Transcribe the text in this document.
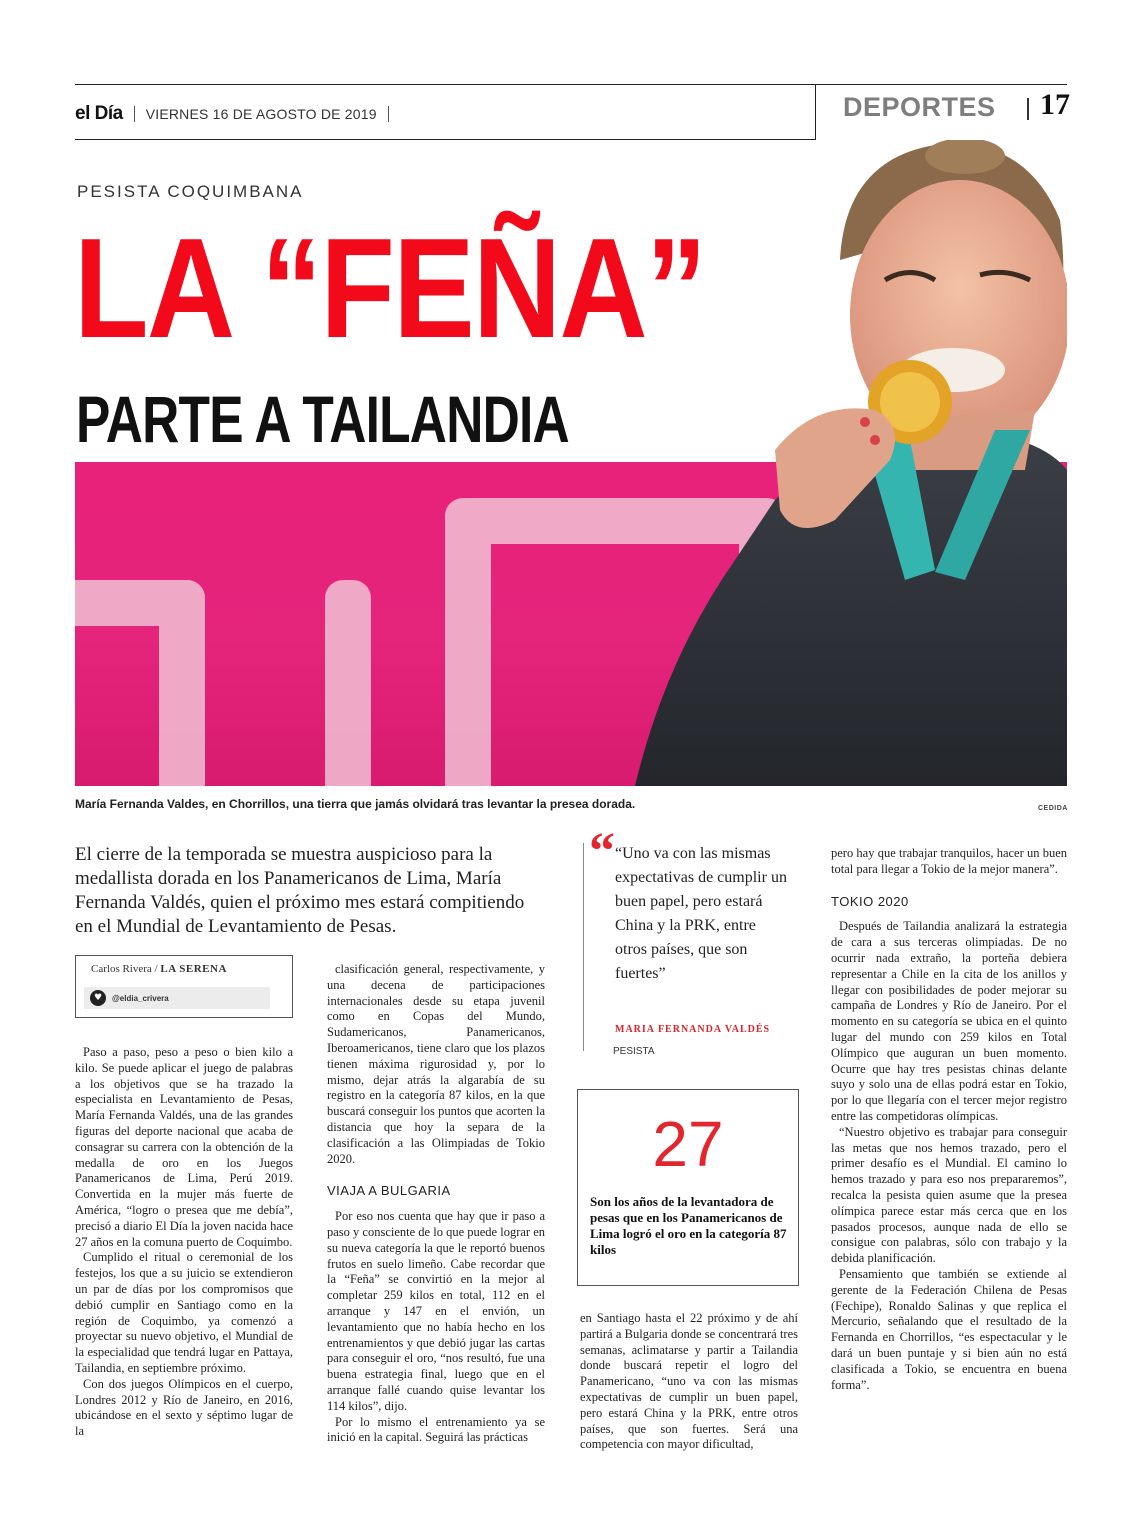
el Día VIERNES 16 DE AGOSTO DE 2019	DEPORTES 17
PESISTA COQUIMBANA
LA “FEÑA”
PARTE A TAILANDIA
María Fernanda Valdes, en Chorrillos, una tierra que jamás olvidará tras levantar la presea dorada.	CEDIDA
El cierre de la temporada se muestra auspicioso para la medallista dorada en los Panamericanos de Lima, María Fernanda Valdés, quien el próximo mes estará compitiendo en el Mundial de Levantamiento de Pesas.
Carlos Rivera / LA SERENA
♥	@eldia_crivera

Paso a paso, peso a peso o bien kilo a kilo. Se puede aplicar el juego de palabras a los objetivos que se ha trazado la especialista en Levantamiento de Pesas, María Fernanda Valdés, una de las grandes figuras del deporte nacional que acaba de consagrar su carrera con la obtención de la medalla de oro en los Juegos Panamericanos de Lima, Perú 2019. Convertida en la mujer más fuerte de América, “logro o presea que me debía”, precisó a diario El Día la joven nacida hace 27 años en la comuna puerto de Coquimbo.

Cumplido el ritual o ceremonial de los festejos, los que a su juicio se extendieron un par de días por los compromisos que debió cumplir en Santiago como en la región de Coquimbo, ya comenzó a proyectar su nuevo objetivo, el Mundial de la especialidad que tendrá lugar en Pattaya, Tailandia, en septiembre próximo.

Con dos juegos Olímpicos en el cuerpo, Londres 2012 y Río de Janeiro, en 2016, ubicándose en el sexto y séptimo lugar de la

clasificación general, respectivamente, y una decena de participaciones internacionales desde su etapa juvenil como en Copas del Mundo, Sudamericanos, Panamericanos, Iberoamericanos, tiene claro que los plazos tienen máxima rigurosidad y, por lo mismo, dejar atrás la algarabía de su registro en la categoría 87 kilos, en la que buscará conseguir los puntos que acorten la distancia que hoy la separa de la clasificación a las Olimpiadas de Tokio 2020.

VIAJA A BULGARIA

Por eso nos cuenta que hay que ir paso a paso y consciente de lo que puede lograr en su nueva categoría la que le reportó buenos frutos en suelo limeño. Cabe recordar que la “Feña” se convirtió en la mejor al completar 259 kilos en total, 112 en el arranque y 147 en el envión, un levantamiento que no había hecho en los entrenamientos y que debió jugar las cartas para conseguir el oro, “nos resultó, fue una buena estrategia final, luego que en el arranque fallé cuando quise levantar los 114 kilos”, dijo.

Por lo mismo el entrenamiento ya se inició en la capital. Seguirá las prácticas

“ “Uno va con las mismas expectativas de cumplir un buen papel, pero estará China y la PRK, entre otros países, que son fuertes”
MARIA FERNANDA VALDÉS
PESISTA
27
Son los años de la levantadora de pesas que en los Panamericanos de Lima logró el oro en la categoría 87 kilos

en Santiago hasta el 22 próximo y de ahí partirá a Bulgaria donde se concentrará tres semanas, aclimatarse y partir a Tailandia donde buscará repetir el logro del Panamericano, “uno va con las mismas expectativas de cumplir un buen papel, pero estará China y la PRK, entre otros países, que son fuertes. Será una competencia con mayor dificultad,

pero hay que trabajar tranquilos, hacer un buen total para llegar a Tokio de la mejor manera”.

TOKIO 2020

Después de Tailandia analizará la estrategia de cara a sus terceras olimpiadas. De no ocurrir nada extraño, la porteña debiera representar a Chile en la cita de los anillos y llegar con posibilidades de poder mejorar su campaña de Londres y Río de Janeiro. Por el momento en su categoría se ubica en el quinto lugar del mundo con 259 kilos en Total Olímpico que auguran un buen momento. Ocurre que hay tres pesistas chinas delante suyo y solo una de ellas podrá estar en Tokio, por lo que llegaría con el tercer mejor registro entre las competidoras olímpicas.

“Nuestro objetivo es trabajar para conseguir las metas que nos hemos trazado, pero el primer desafío es el Mundial. El camino lo hemos trazado y para eso nos prepararemos”, recalca la pesista quien asume que la presea olímpica parece estar más cerca que en los pasados procesos, aunque nada de ello se consigue con palabras, sólo con trabajo y la debida planificación.

Pensamiento que también se extiende al gerente de la Federación Chilena de Pesas (Fechipe), Ronaldo Salinas y que replica el Mercurio, señalando que el resultado de la Fernanda en Chorrillos, “es espectacular y le dará un buen puntaje y si bien aún no está clasificada a Tokio, se encuentra en buena forma”.
